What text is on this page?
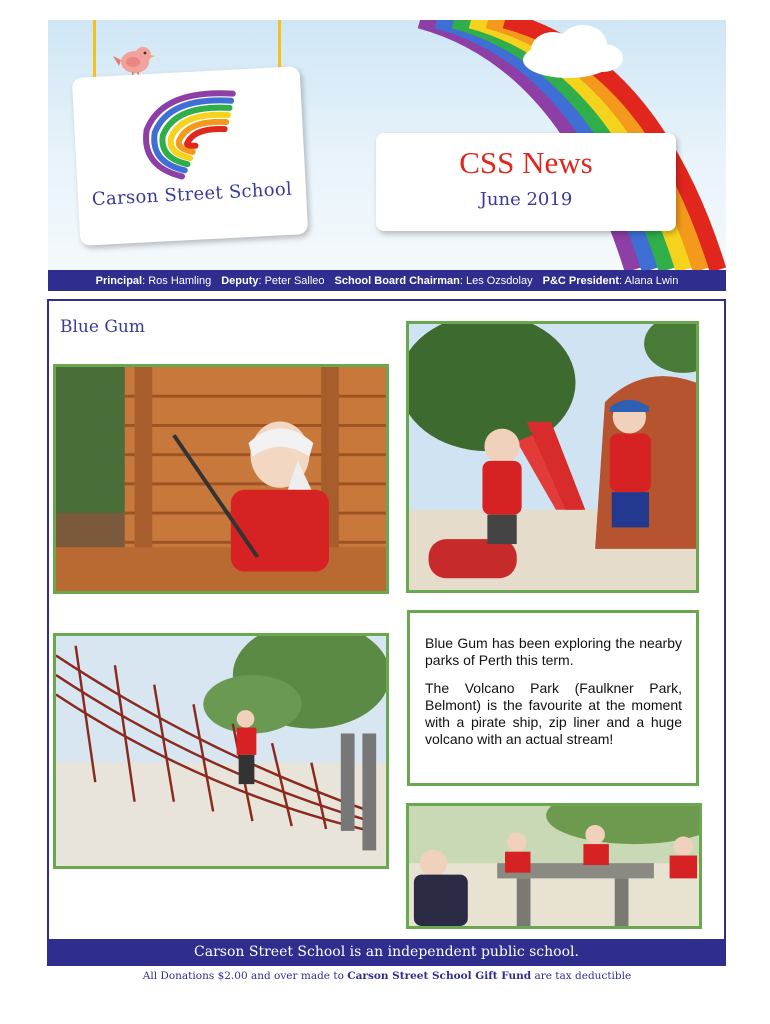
Carson Street School
CSS News
June 2019
Principal: Ros Hamling Deputy: Peter Salleo School Board Chairman: Les Ozsdolay P&C President: Alana Lwin
Blue Gum

Blue Gum has been exploring the nearby parks of Perth this term.

The Volcano Park (Faulkner Park, Belmont) is the favourite at the moment with a pirate ship, zip liner and a huge volcano with an actual stream!

Carson Street School is an independent public school.
All Donations $2.00 and over made to Carson Street School Gift Fund are tax deductible
